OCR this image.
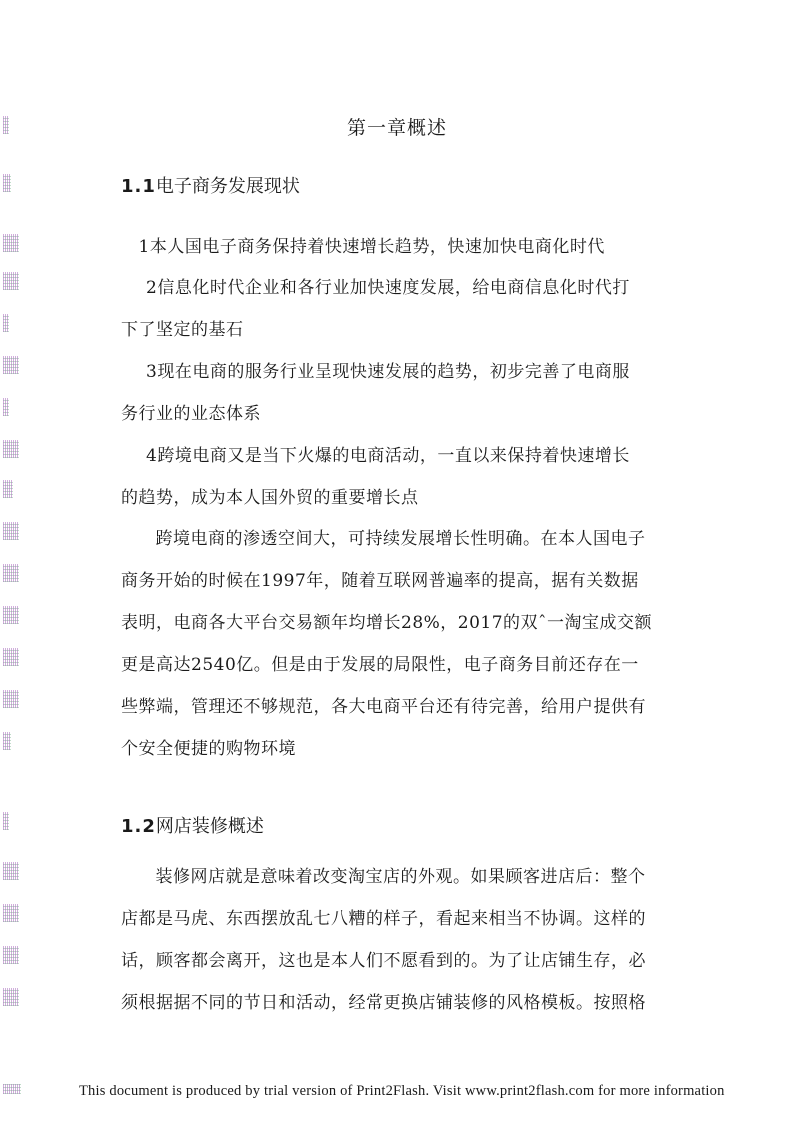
第一章概述
1.1电子商务发展现状
　1本人国电子商务保持着快速增长趋势，快速加快电商化时代
2信息化时代企业和各行业加快速度发展，给电商信息化时代打
下了坚定的基石
3现在电商的服务行业呈现快速发展的趋势，初步完善了电商服
务行业的业态体系
4跨境电商又是当下火爆的电商活动，一直以来保持着快速增长
的趋势，成为本人国外贸的重要增长点
　跨境电商的渗透空间大，可持续发展增长性明确。在本人国电子
商务开始的时候在1997年，随着互联网普遍率的提高，据有关数据
表明，电商各大平台交易额年均增长28%，2017的双ˆ一淘宝成交额
更是高达2540亿。但是由于发展的局限性，电子商务目前还存在一
些弊端，管理还不够规范，各大电商平台还有待完善，给用户提供有
个安全便捷的购物环境
1.2网店装修概述
　装修网店就是意味着改变淘宝店的外观。如果顾客进店后：整个
店都是马虎、东西摆放乱七八糟的样子，看起来相当不协调。这样的
话，顾客都会离开，这也是本人们不愿看到的。为了让店铺生存，必
须根据据不同的节日和活动，经常更换店铺装修的风格模板。按照格
This document is produced by trial version of Print2Flash. Visit www.print2flash.com for more information
